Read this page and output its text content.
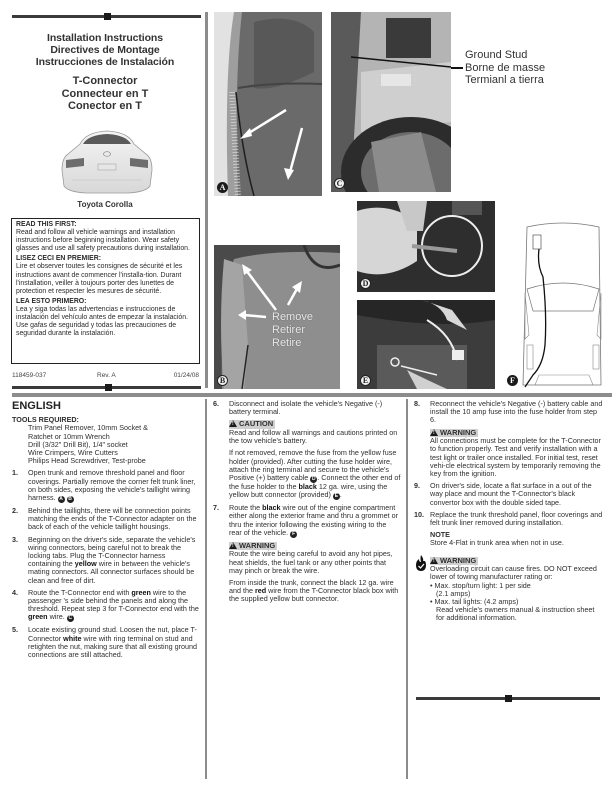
Installation Instructions
Directives de Montage
Instrucciones de Instalación
T-Connector
Connecteur en T
Conector en T
Toyota Corolla
READ THIS FIRST:
Read and follow all vehicle warnings and installation instructions before beginning installation. Wear safety glasses and use all safety precautions during installation.
LISEZ CECI EN PREMIER:
Lire et observer toutes les consignes de sécurité et les instructions avant de commencer l'installa-tion. Durant l'installation, veiller à toujours porter des lunettes de protection et respecter les mesures de sécurité.
LEA ESTO PRIMERO:
Lea y siga todas las advertencias e instrucciones de instalación del vehículo antes de empezar la instalación. Use gafas de seguridad y todas las precauciones de seguridad durante la instalación.
118459-037	Rev. A	01/24/08
A	C
Ground Stud
Borne de masse
Termianl a tierra
Remove
Retirer
Retire
B
D
E	F
ENGLISH
TOOLS REQUIRED:
Trim Panel Remover, 10mm Socket &
Ratchet or 10mm Wrench
Drill (3/32" Drill Bit), 1/4" socket
Wire Crimpers, Wire Cutters
Philips Head Screwdriver, Test-probe
1. Open trunk and remove threshold panel and floor coverings. Partially remove the corner felt trunk liner, on both sides, exposing the vehicle's taillight wiring harness. A B
2. Behind the taillights, there will be connection points matching the ends of the T-Connector adapter on the back of each of the vehicle taillight housings.
3. Beginning on the driver's side, separate the vehicle's wiring connectors, being careful not to break the locking tabs. Plug the T-Connector harness containing the yellow wire in between the vehicle's mating connectors. All connector surfaces should be clean and free of dirt.
4. Route the T-Connector end with green wire to the passenger 's side behind the panels and along the threshold. Repeat step 3 for T-Connector end with the green wire. C
5. Locate existing ground stud. Loosen the nut, place T-Connector white wire with ring terminal on stud and retighten the nut, making sure that all existing ground connections are still attached.
6. Disconnect and isolate the vehicle's Negative (-) battery terminal.
!CAUTION
Read and follow all warnings and cautions printed on the tow vehicle's battery.
If not removed, remove the fuse from the yellow fuse holder (provided). After cutting the fuse holder wire, attach the ring terminal and secure to the vehicle's Positive (+) battery cable D . Connect the other end of the fuse holder to the black 12 ga. wire, using the yellow butt connector (provided) E .
7. Route the black wire out of the engine compartment either along the exterior frame and thru a grommet or thru the interior following the existing wiring to the rear of the vehicle. F
!WARNING
Route the wire being careful to avoid any hot pipes, heat shields, the fuel tank or any other points that may pinch or break the wire.
From inside the trunk, connect the black 12 ga. wire and the red wire from the T-Connector black box with the supplied yellow butt connector.
8. Reconnect the vehicle's Negative (-) battery cable and install the 10 amp fuse into the fuse holder from step 6.
!WARNING
All connections must be complete for the T-Connector to function properly. Test and verify installation with a test light or trailer once installed. For initial test, reset vehi-cle electrical system by temporarily removing the key from the ignition.
9. On driver's side, locate a flat surface in a out of the way place and mount the T-Connector's black convertor box with the double sided tape.
10. Replace the trunk threshold panel, floor coverings and felt trunk liner removed during installation.
NOTE
Store 4-Flat in trunk area when not in use.
!WARNING
Overloading circuit can cause fires. DO NOT exceed lower of towing manufacturer rating or:
• Max. stop/turn light: 1 per side
(2.1 amps)
• Max. tail lights: (4.2 amps)
Read vehicle's owners manual & instruction sheet for additional information.
